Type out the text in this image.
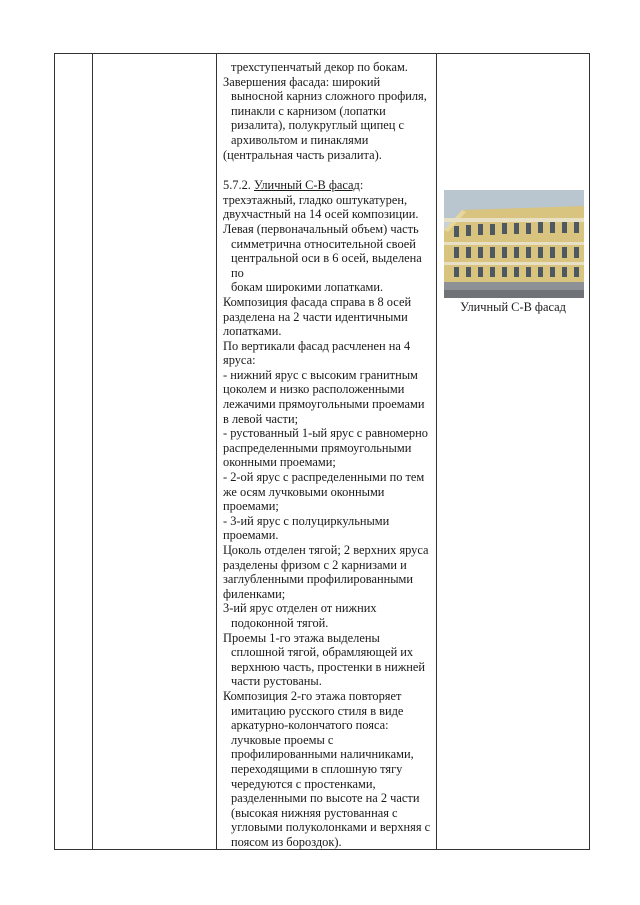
трехступенчатый декор по бокам.

Завершения фасада: широкий

выносной карниз сложного профиля,

пинакли с карнизом (лопатки

ризалита), полукруглый щипец с

архивольтом и пинаклями

(центральная часть ризалита).

5.7.2. Уличный С-В фасад:

трехэтажный, гладко оштукатурен,

двухчастный на 14 осей композиции.

Левая (первоначальный объем) часть

симметрична относительной своей

центральной оси в 6 осей, выделена по

бокам широкими лопатками.

Композиция фасада справа в 8 осей

разделена на 2 части идентичными

лопатками.

По вертикали фасад расчленен на 4

яруса:

- нижний ярус с высоким гранитным

цоколем и низко расположенными

лежачими прямоугольными проемами

в левой части;

- рустованный 1-ый ярус с равномерно

распределенными прямоугольными

оконными проемами;

- 2-ой ярус с распределенными по тем

же осям лучковыми оконными

проемами;

- 3-ий ярус с полуциркульными

проемами.

Цоколь отделен тягой; 2 верхних яруса

разделены фризом с 2 карнизами и

заглубленными профилированными

филенками;

3-ий ярус отделен от нижних

подоконной тягой.

Проемы 1-го этажа выделены

сплошной тягой, обрамляющей их

верхнюю часть, простенки в нижней

части рустованы.

Композиция 2-го этажа повторяет

имитацию русского стиля в виде

аркатурно-колончатого пояса:

лучковые проемы с

профилированными наличниками,

переходящими в сплошную тягу

чередуются с простенками,

разделенными по высоте на 2 части

(высокая нижняя рустованная с

угловыми полуколонками и верхняя с

поясом из бороздок).

Уличный С-В фасад
